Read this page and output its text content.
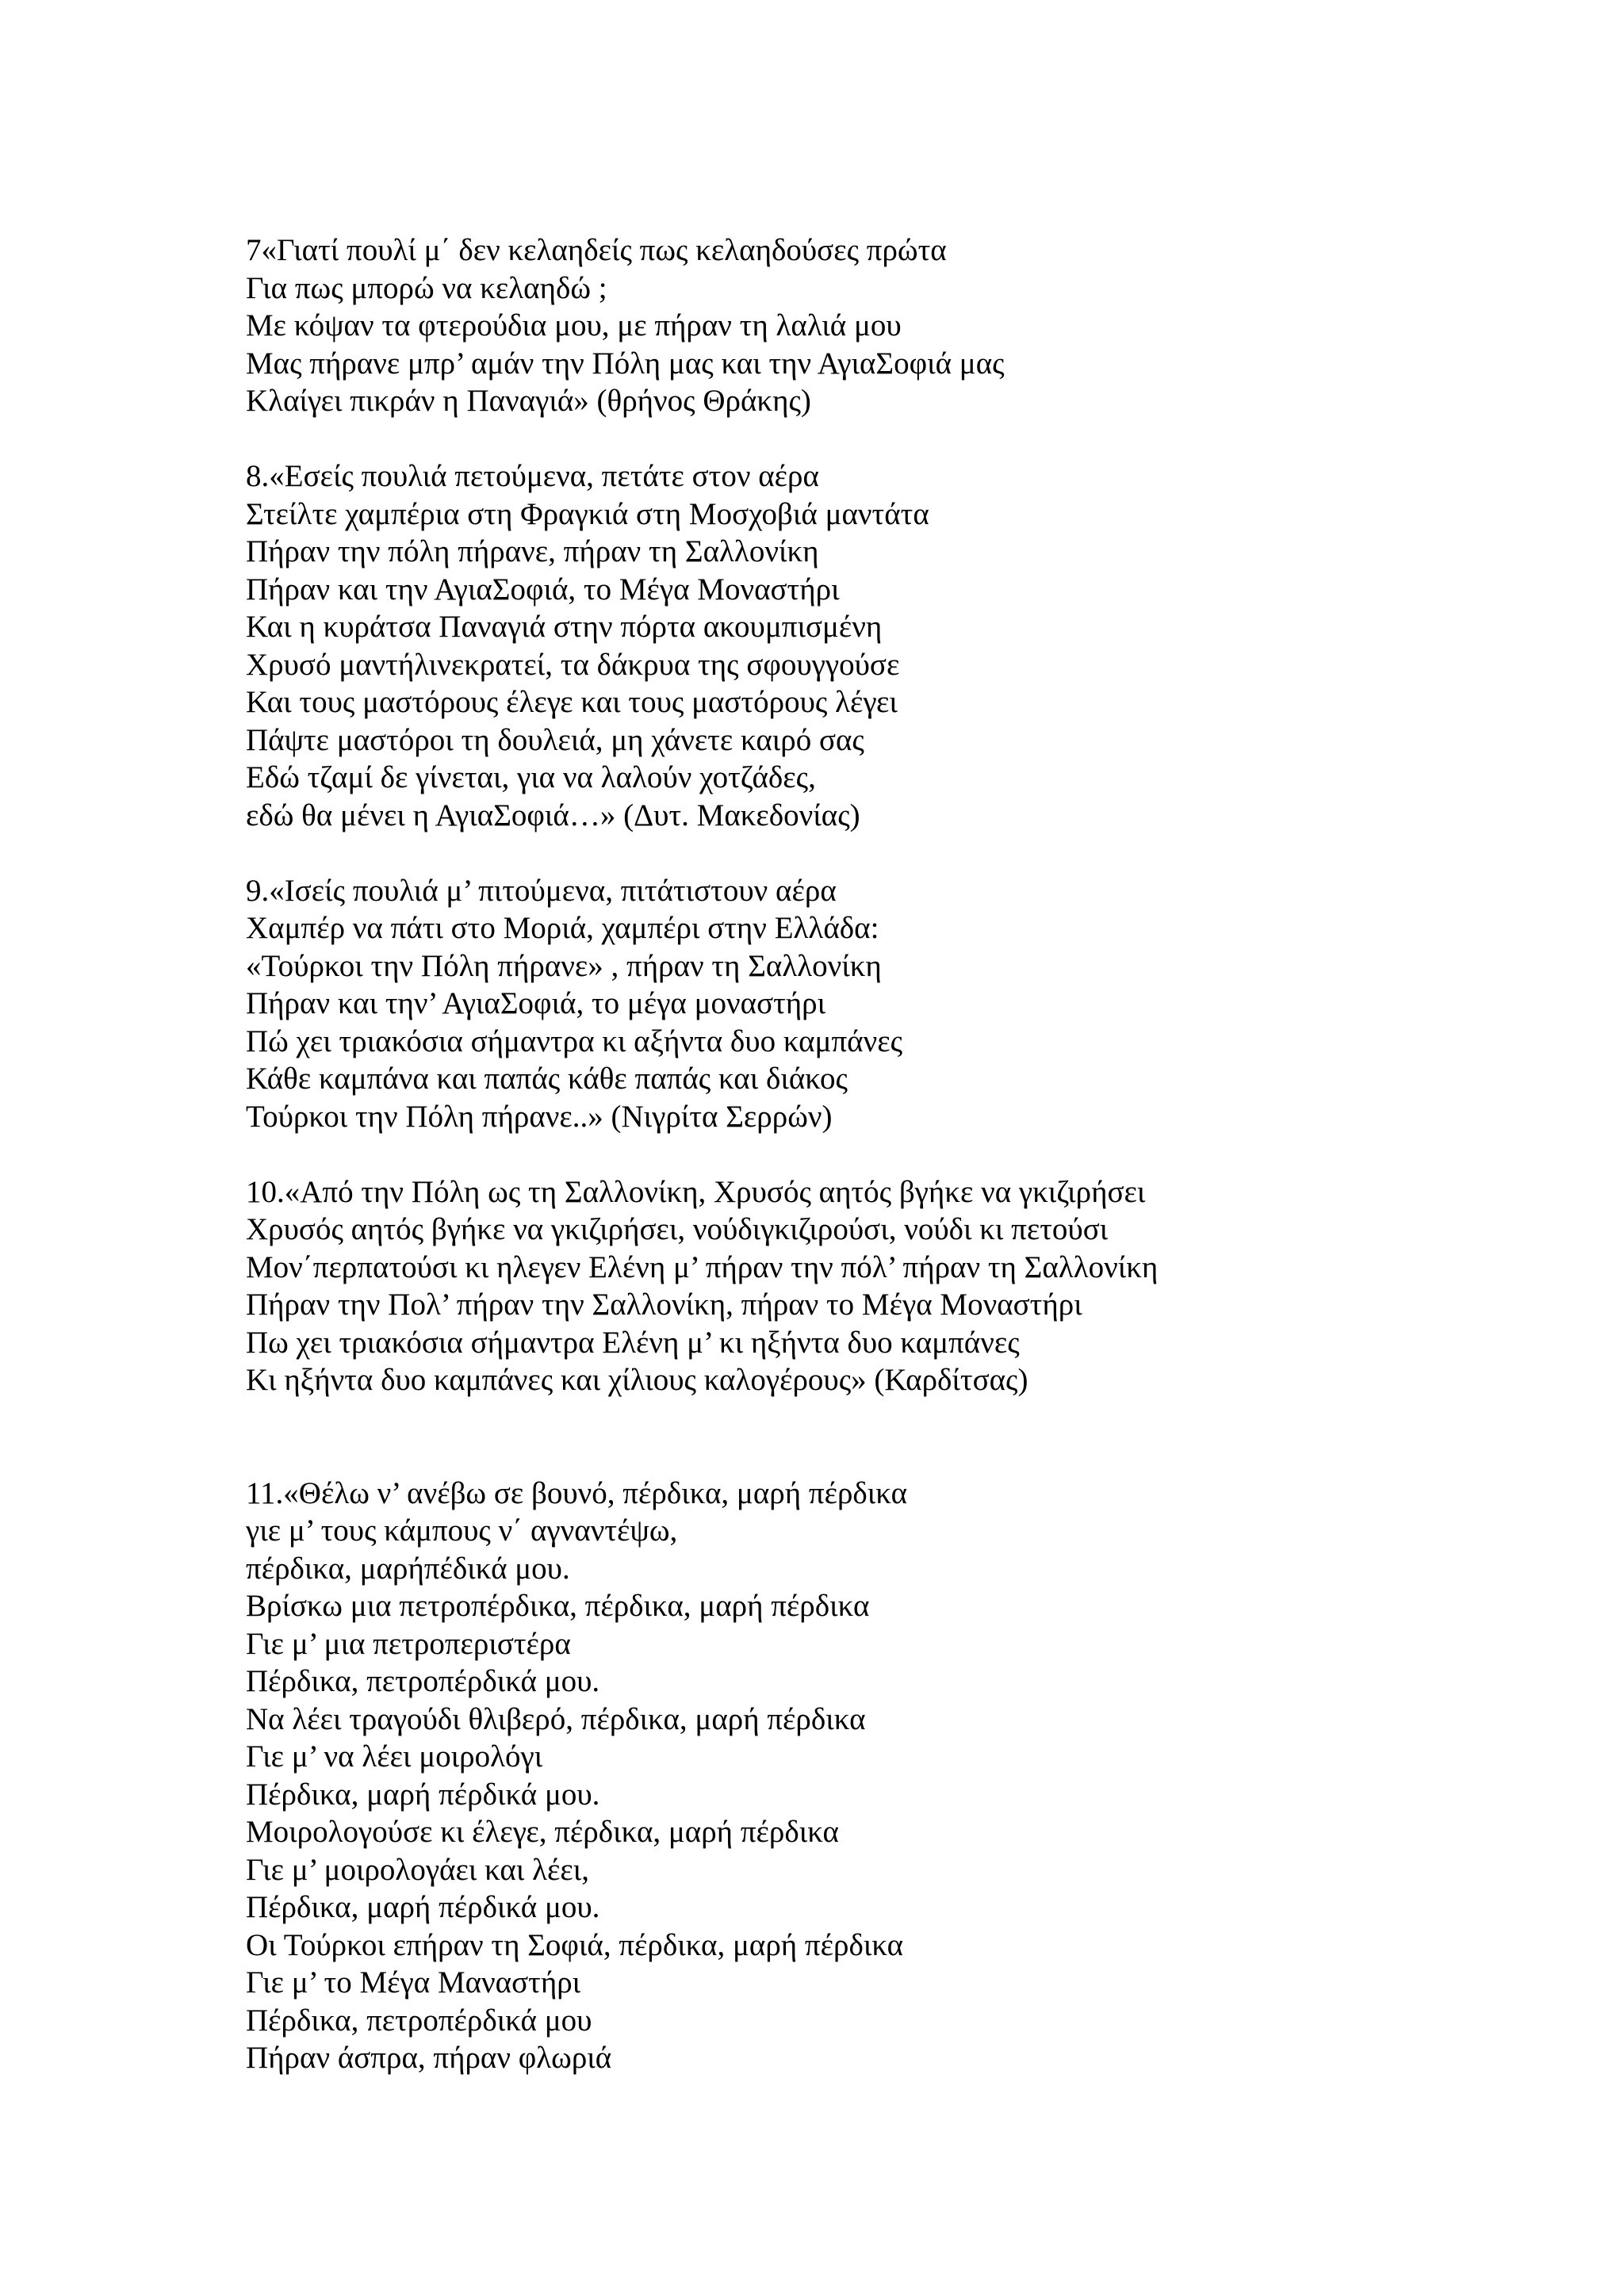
7«Γιατί πουλί μ΄ δεν κελαηδείς πως κελαηδούσες πρώτα
Για πως μπορώ να κελαηδώ ;
Με κόψαν τα φτερούδια μου, με πήραν τη λαλιά μου
Μας πήρανε μπρ’ αμάν την Πόλη μας και την ΑγιαΣοφιά μας
Κλαίγει πικράν η Παναγιά» (θρήνος Θράκης)
8.«Εσείς πουλιά πετούμενα, πετάτε στον αέρα
Στείλτε χαμπέρια στη Φραγκιά στη Μοσχοβιά μαντάτα
Πήραν την πόλη πήρανε, πήραν τη Σαλλονίκη
Πήραν και την ΑγιαΣοφιά, το Μέγα Μοναστήρι
Και η κυράτσα Παναγιά στην πόρτα ακουμπισμένη
Χρυσό μαντήλινεκρατεί, τα δάκρυα της σφουγγούσε
Και τους μαστόρους έλεγε και τους μαστόρους λέγει
Πάψτε μαστόροι τη δουλειά, μη χάνετε καιρό σας
Εδώ τζαμί δε γίνεται, για να λαλούν χοτζάδες,
εδώ θα μένει η ΑγιαΣοφιά…» (Δυτ. Μακεδονίας)
9.«Ισείς πουλιά μ’ πιτούμενα, πιτάτιστουν αέρα
Χαμπέρ να πάτι στο Μοριά, χαμπέρι στην Ελλάδα:
«Τούρκοι την Πόλη πήρανε» , πήραν τη Σαλλονίκη
Πήραν και την’ ΑγιαΣοφιά, το μέγα μοναστήρι
Πώ χει τριακόσια σήμαντρα κι αξήντα δυο καμπάνες
Κάθε καμπάνα και παπάς κάθε παπάς και διάκος
Τούρκοι την Πόλη πήρανε..» (Νιγρίτα Σερρών)
10.«Από την Πόλη ως τη Σαλλονίκη, Χρυσός αητός βγήκε να γκιζιρήσει
Χρυσός αητός βγήκε να γκιζιρήσει, νούδιγκιζιρούσι, νούδι κι πετούσι
Μον΄περπατούσι κι ηλεγεν Ελένη μ’ πήραν την πόλ’ πήραν τη Σαλλονίκη
Πήραν την Πολ’ πήραν την Σαλλονίκη, πήραν το Μέγα Μοναστήρι
Πω χει τριακόσια σήμαντρα Ελένη μ’ κι ηξήντα δυο καμπάνες
Κι ηξήντα δυο καμπάνες και χίλιους καλογέρους» (Καρδίτσας)
11.«Θέλω ν’ ανέβω σε βουνό, πέρδικα, μαρή πέρδικα
γιε μ’ τους κάμπους ν΄ αγναντέψω,
πέρδικα, μαρήπέδικά μου.
Βρίσκω μια πετροπέρδικα, πέρδικα, μαρή πέρδικα
Γιε μ’ μια πετροπεριστέρα
Πέρδικα, πετροπέρδικά μου.
Να λέει τραγούδι θλιβερό, πέρδικα, μαρή πέρδικα
Γιε μ’ να λέει μοιρολόγι
Πέρδικα, μαρή πέρδικά μου.
Μοιρολογούσε κι έλεγε, πέρδικα, μαρή πέρδικα
Γιε μ’ μοιρολογάει και λέει,
Πέρδικα, μαρή πέρδικά μου.
Οι Τούρκοι επήραν τη Σοφιά, πέρδικα, μαρή πέρδικα
Γιε μ’ το Μέγα Μαναστήρι
Πέρδικα, πετροπέρδικά μου
Πήραν άσπρα, πήραν φλωριά
